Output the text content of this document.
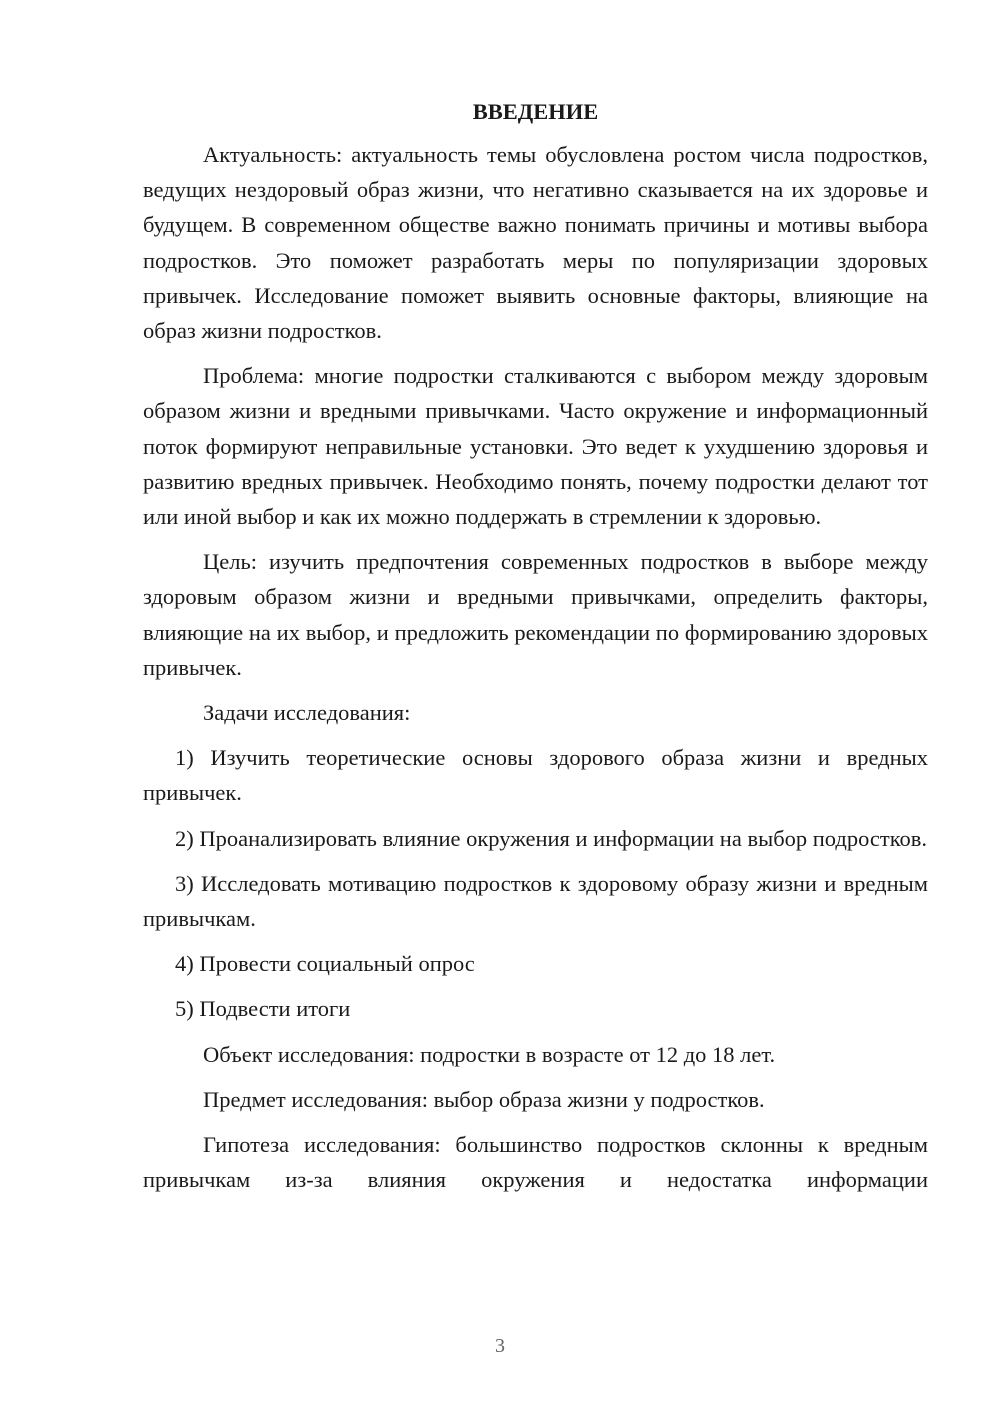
ВВЕДЕНИЕ

Актуальность: актуальность темы обусловлена ростом числа подростков, ведущих нездоровый образ жизни, что негативно сказывается на их здоровье и будущем. В современном обществе важно понимать причины и мотивы выбора подростков. Это поможет разработать меры по популяризации здоровых привычек. Исследование поможет выявить основные факторы, влияющие на образ жизни подростков.

Проблема: многие подростки сталкиваются с выбором между здоровым образом жизни и вредными привычками. Часто окружение и информационный поток формируют неправильные установки. Это ведет к ухудшению здоровья и развитию вредных привычек. Необходимо понять, почему подростки делают тот или иной выбор и как их можно поддержать в стремлении к здоровью.

Цель: изучить предпочтения современных подростков в выборе между здоровым образом жизни и вредными привычками, определить факторы, влияющие на их выбор, и предложить рекомендации по формированию здоровых привычек.

Задачи исследования:

1) Изучить теоретические основы здорового образа жизни и вредных привычек.

2) Проанализировать влияние окружения и информации на выбор подростков.

3) Исследовать мотивацию подростков к здоровому образу жизни и вредным привычкам.

4) Провести социальный опрос

5) Подвести итоги

Объект исследования: подростки в возрасте от 12 до 18 лет.

Предмет исследования: выбор образа жизни у подростков.

Гипотеза исследования: большинство подростков склонны к вредным привычкам из-за влияния окружения и недостатка информации

3
